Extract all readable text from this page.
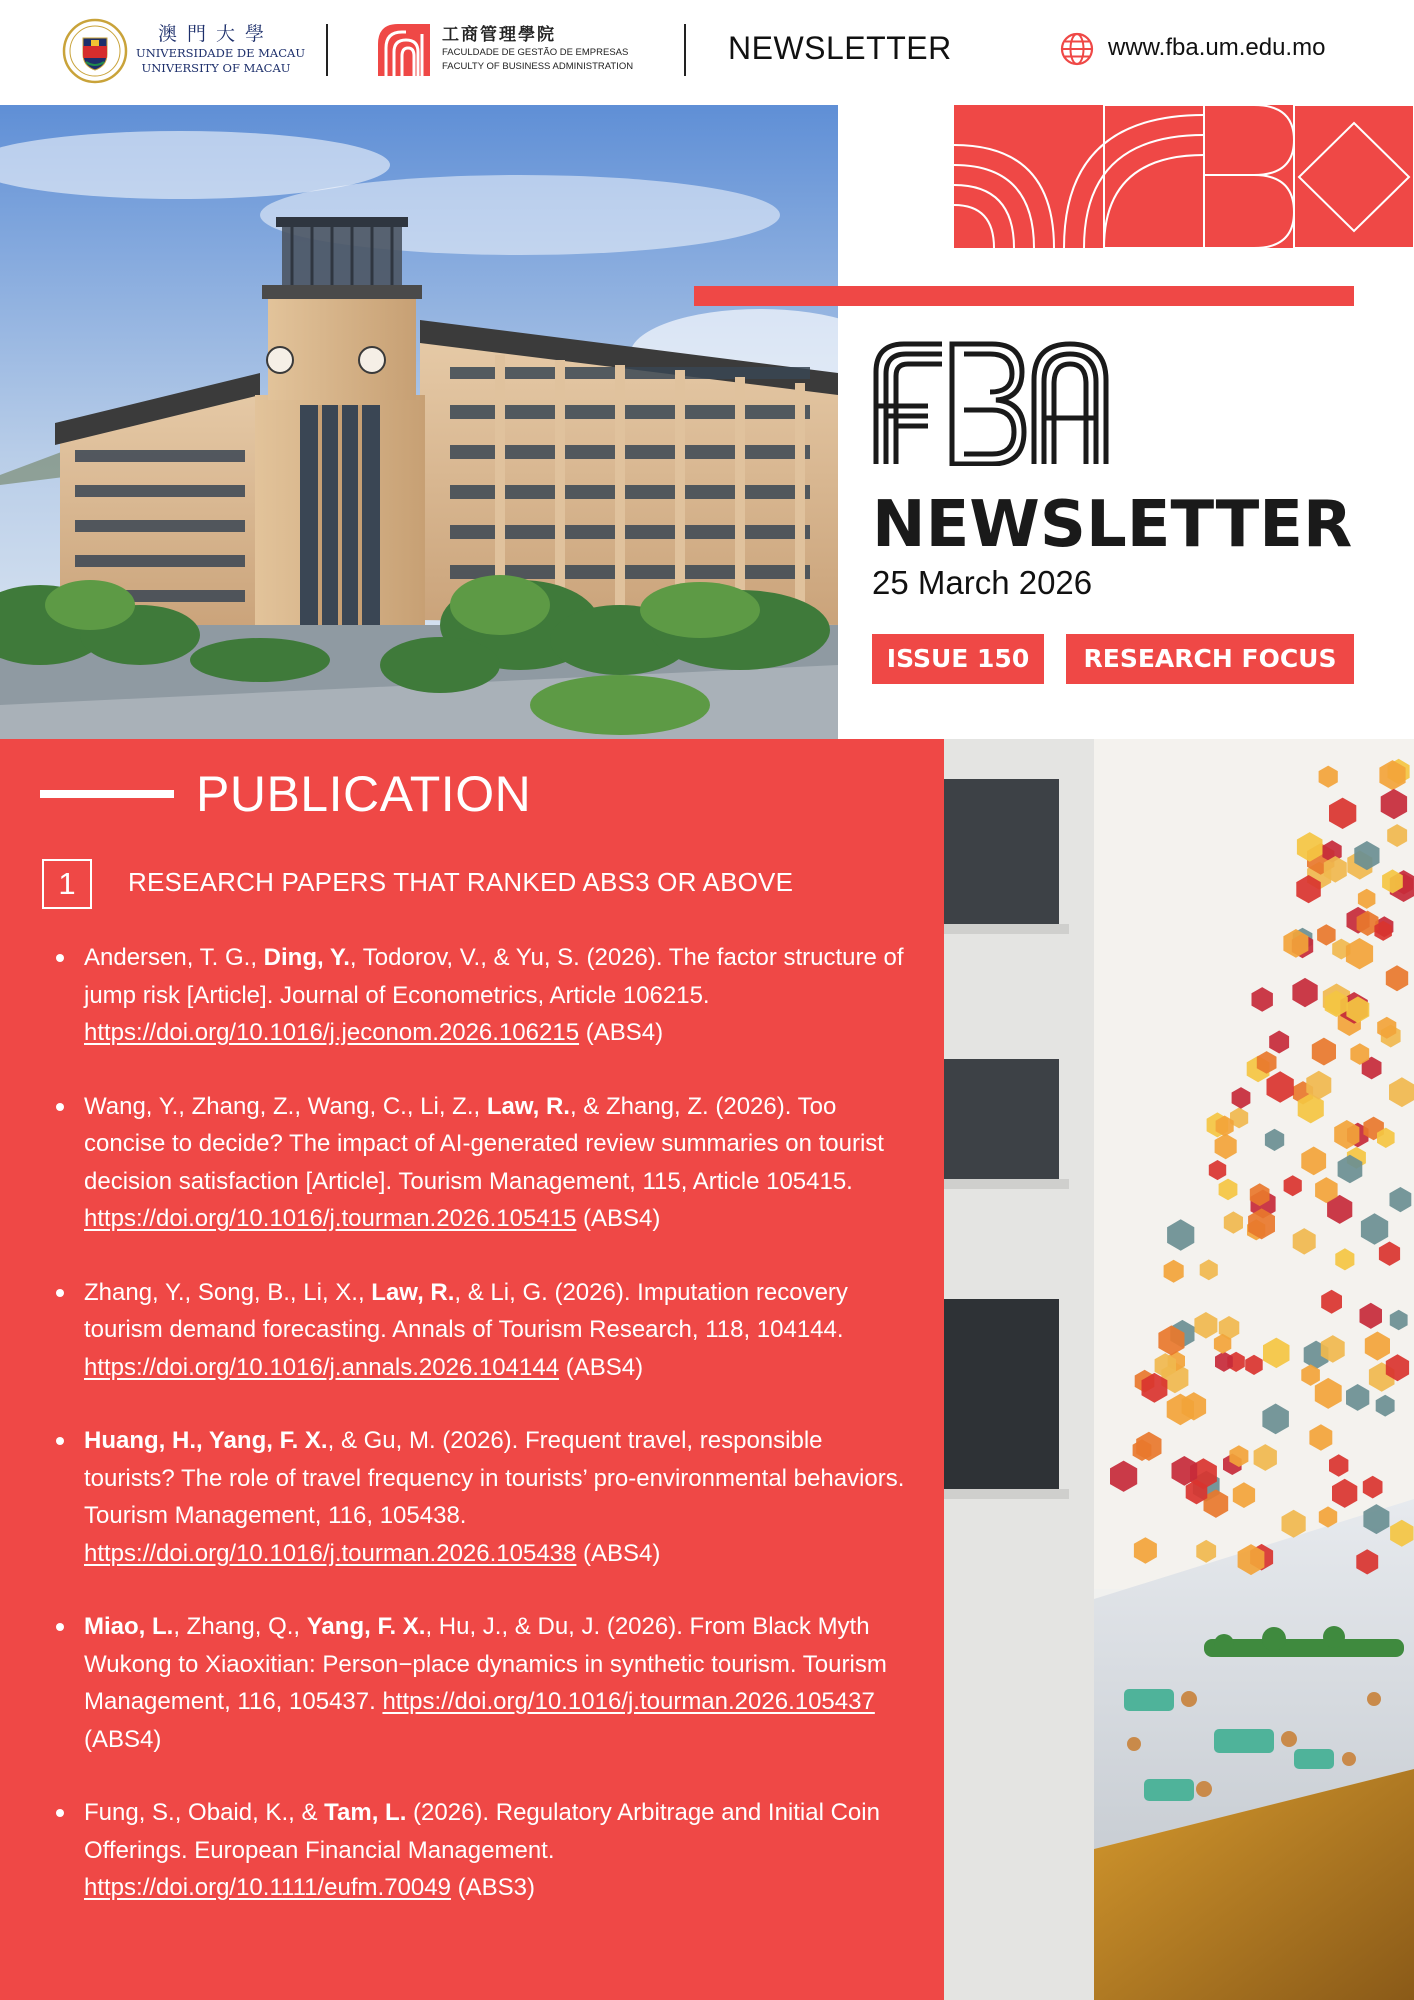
澳門大學
UNIVERSIDADE DE MACAU
UNIVERSITY OF MACAU
工商管理學院
FACULDADE DE GESTÃO DE EMPRESAS
FACULTY OF BUSINESS ADMINISTRATION
NEWSLETTER	www.fba.um.edu.mo
NEWSLETTER
25 March 2026
ISSUE 150	RESEARCH FOCUS
PUBLICATION
1	RESEARCH PAPERS THAT RANKED ABS3 OR ABOVE
Andersen, T. G., Ding, Y., Todorov, V., & Yu, S. (2026). The factor structure of jump risk [Article]. Journal of Econometrics, Article 106215. https://doi.org/10.1016/j.jeconom.2026.106215 (ABS4)
Wang, Y., Zhang, Z., Wang, C., Li, Z., Law, R., & Zhang, Z. (2026). Too concise to decide? The impact of AI-generated review summaries on tourist decision satisfaction [Article]. Tourism Management, 115, Article 105415. https://doi.org/10.1016/j.tourman.2026.105415 (ABS4)
Zhang, Y., Song, B., Li, X., Law, R., & Li, G. (2026). Imputation recovery tourism demand forecasting. Annals of Tourism Research, 118, 104144. https://doi.org/10.1016/j.annals.2026.104144 (ABS4)
Huang, H., Yang, F. X., & Gu, M. (2026). Frequent travel, responsible tourists? The role of travel frequency in tourists’ pro-environmental behaviors. Tourism Management, 116, 105438. https://doi.org/10.1016/j.tourman.2026.105438 (ABS4)
Miao, L., Zhang, Q., Yang, F. X., Hu, J., & Du, J. (2026). From Black Myth Wukong to Xiaoxitian: Person−place dynamics in synthetic tourism. Tourism Management, 116, 105437. https://doi.org/10.1016/j.tourman.2026.105437 (ABS4)
Fung, S., Obaid, K., & Tam, L. (2026). Regulatory Arbitrage and Initial Coin Offerings. European Financial Management. https://doi.org/10.1111/eufm.70049 (ABS3)
